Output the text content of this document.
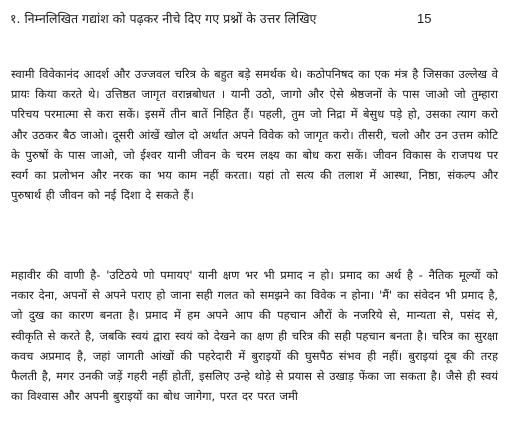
१. निम्नलिखित गद्यांश को पढ़कर नीचे दिए गए प्रश्नों के उत्तर लिखिए	15

स्वामी विवेकानंद आदर्श और उज्जवल चरित्र के बहुत बड़े समर्थक थे। कठोपनिषद का एक मंत्र है जिसका उल्लेख वे प्रायः किया करते थे। उत्तिष्ठत जागृत वरान्नबोधत । यानी उठो, जागो और ऐसे श्रेष्ठजनों के पास जाओ जो तुम्हारा परिचय परमात्मा से करा सकें। इसमें तीन बातें निहित हैं। पहली, तुम जो निद्रा में बेसुध पड़े हो, उसका त्याग करो और उठकर बैठ जाओ। दूसरी आंखें खोल दो अर्थात अपने विवेक को जागृत करो। तीसरी, चलो और उन उत्तम कोटि के पुरुषों के पास जाओ, जो ईश्वर यानी जीवन के चरम लक्ष्य का बोध करा सकें। जीवन विकास के राजपथ पर स्वर्ग का प्रलोभन और नरक का भय काम नहीं करता। यहां तो सत्य की तलाश में आस्था, निष्ठा, संकल्प और पुरुषार्थ ही जीवन को नई दिशा दे सकते हैं।

महावीर की वाणी है- 'उटिठये णो पमायए' यानी क्षण भर भी प्रमाद न हो। प्रमाद का अर्थ है - नैतिक मूल्यों को नकार देना, अपनों से अपने पराए हो जाना सही गलत को समझने का विवेक न होना। 'मैं' का संवेदन भी प्रमाद है, जो दुख का कारण बनता है। प्रमाद में हम अपने आप की पहचान औरों के नजरिये से, मान्यता से, पसंद से, स्वीकृति से करते है, जबकि स्वयं द्वारा स्वयं को देखने का क्षण ही चरित्र की सही पहचान बनता है। चरित्र का सुरक्षा कवच अप्रमाद है, जहां जागती आंखों की पहरेदारी में बुराइयों की घुसपैठ संभव ही नहीं। बुराइयां दूब की तरह फैलती है, मगर उनकी जड़ें गहरी नहीं होतीं, इसलिए उन्हे थोड़े से प्रयास से उखाड़ फेंका जा सकता है। जैसे ही स्वयं का विश्वास और अपनी बुराइयों का बोध जागेगा, परत दर परत जमी
